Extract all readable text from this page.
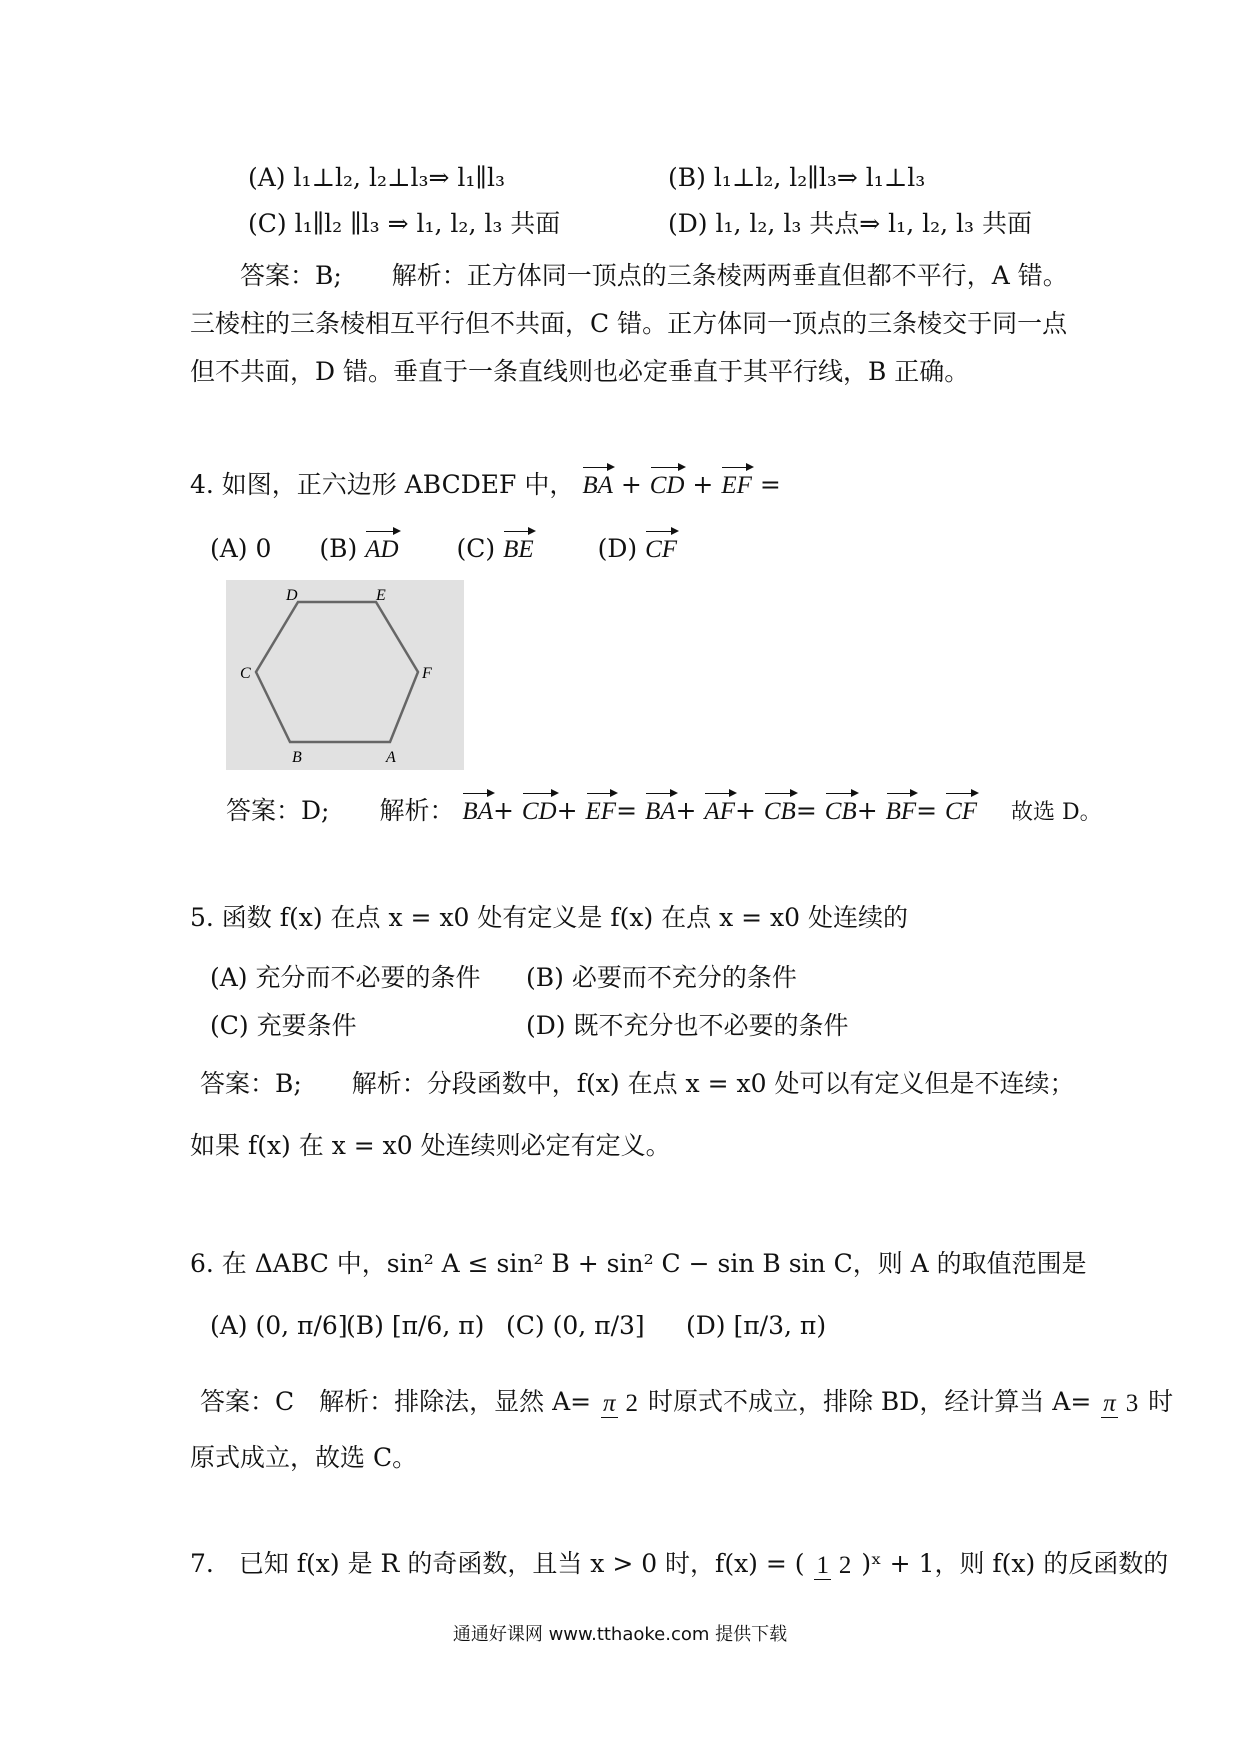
(A) l₁⊥l₂, l₂⊥l₃⇒ l₁∥l₃	(B) l₁⊥l₂, l₂∥l₃⇒ l₁⊥l₃
(C) l₁∥l₂ ∥l₃ ⇒ l₁, l₂, l₃ 共面	(D) l₁, l₂, l₃ 共点⇒ l₁, l₂, l₃ 共面
答案：B;　　解析：正方体同一顶点的三条棱两两垂直但都不平行，A 错。
三棱柱的三条棱相互平行但不共面，C 错。正方体同一顶点的三条棱交于同一点
但不共面，D 错。垂直于一条直线则也必定垂直于其平行线，B 正确。
4. 如图，正六边形 ABCDEF 中， BA + CD + EF =
(A) 0 (B) AD (C) BE	(D) CF
D	E
C	F
B	A
答案：D;　　解析： BA+ CD+ EF= BA+ AF+ CB= CB+ BF= CF 故选 D。
5. 函数 f(x) 在点 x = x0 处有定义是 f(x) 在点 x = x0 处连续的
(A) 充分而不必要的条件 (B) 必要而不充分的条件
(C) 充要条件	(D) 既不充分也不必要的条件
答案：B;　　解析：分段函数中，f(x) 在点 x = x0 处可以有定义但是不连续；
如果 f(x) 在 x = x0 处连续则必定有定义。
6. 在 ΔABC 中，sin² A ≤ sin² B + sin² C − sin B sin C，则 A 的取值范围是
(A) (0, π/6]
(B) [π/6, π) (C) (0, π/3] (D) [π/3, π)
答案：C　解析：排除法，显然 A= π 2 时原式不成立，排除 BD，经计算当 A= π 3 时
原式成立，故选 C。
7.　已知 f(x) 是 R 的奇函数，且当 x > 0 时，f(x) = ( 1 2 )ˣ + 1，则 f(x) 的反函数的
通通好课网 www.tthaoke.com 提供下载
